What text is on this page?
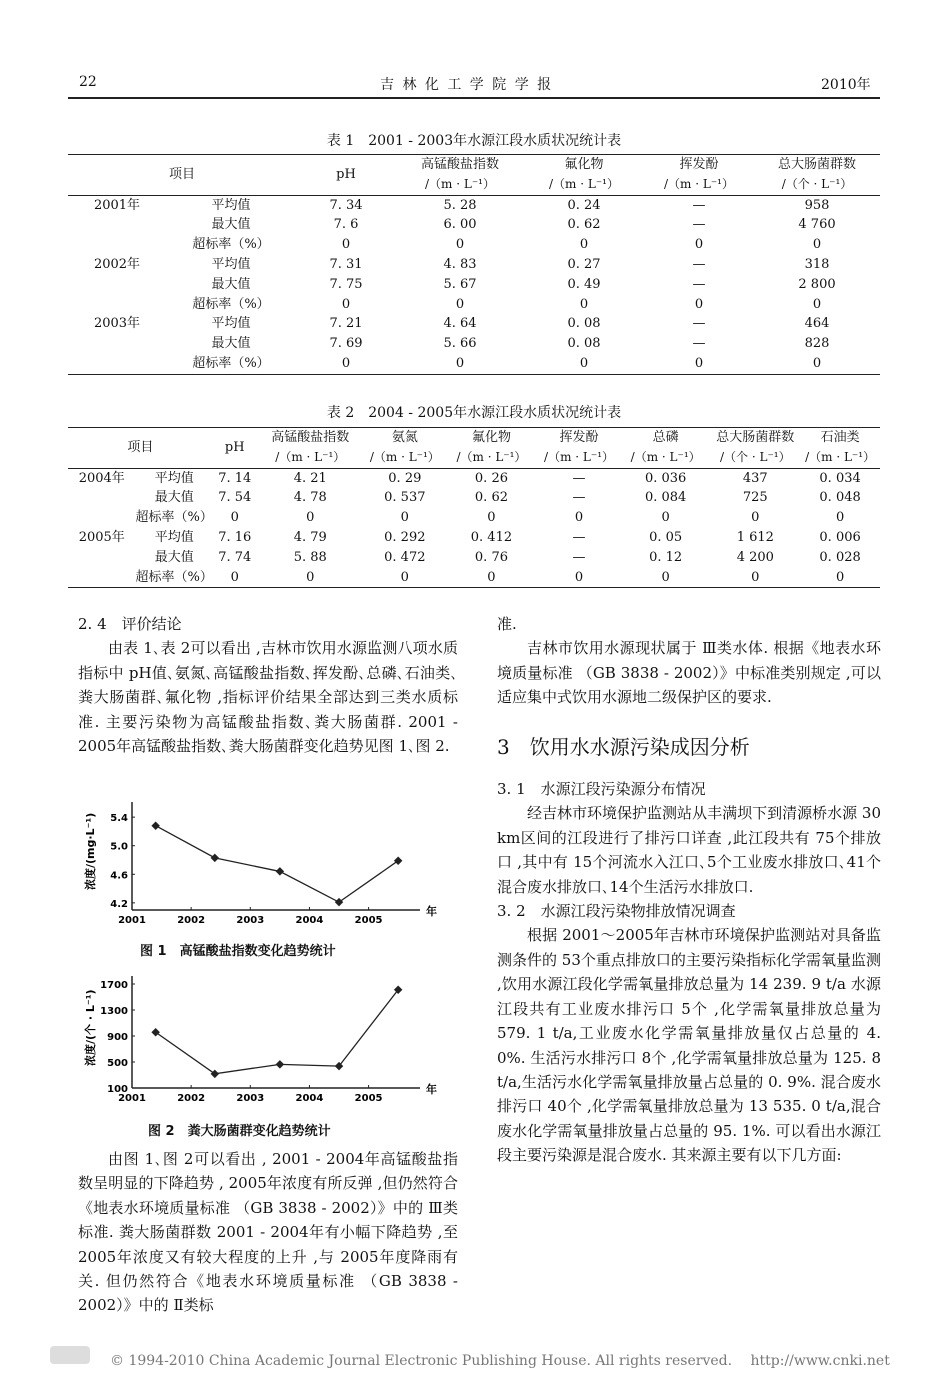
22	吉 林 化 工 学 院 学 报	2010年
表 1　2001 - 2003年水源江段水质状况统计表
项目		pH	高锰酸盐指数	氟化物	挥发酚	总大肠菌群数
			/（m · L⁻¹）	/（m · L⁻¹）	/（m · L⁻¹）	/（个 · L⁻¹）
2001年	平均值	7. 34	5. 28	0. 24	—	958
	最大值	7. 6	6. 00	0. 62	—	4 760
	超标率（%）	0	0	0	0	0
2002年	平均值	7. 31	4. 83	0. 27	—	318
	最大值	7. 75	5. 67	0. 49	—	2 800
	超标率（%）	0	0	0	0	0
2003年	平均值	7. 21	4. 64	0. 08	—	464
	最大值	7. 69	5. 66	0. 08	—	828
	超标率（%）	0	0	0	0	0
表 2　2004 - 2005年水源江段水质状况统计表
项目		pH	高锰酸盐指数	氨氮	氟化物	挥发酚	总磷	总大肠菌群数	石油类
			/（m · L⁻¹）	/（m · L⁻¹）	/（m · L⁻¹）	/（m · L⁻¹）	/（m · L⁻¹）	/（个 · L⁻¹）	/（m · L⁻¹）
2004年	平均值	7. 14	4. 21	0. 29	0. 26	—	0. 036	437	0. 034
	最大值	7. 54	4. 78	0. 537	0. 62	—	0. 084	725	0. 048
	超标率（%）	0	0	0	0	0	0	0	0
2005年	平均值	7. 16	4. 79	0. 292	0. 412	—	0. 05	1 612	0. 006
	最大值	7. 74	5. 88	0. 472	0. 76	—	0. 12	4 200	0. 028
	超标率（%）	0	0	0	0	0	0	0	0

2. 4　评价结论

由表 1､表 2可以看出 ,吉林市饮用水源监测八项水质指标中 pH值､氨氮､高锰酸盐指数､挥发酚､总磷､石油类､粪大肠菌群､氟化物 ,指标评价结果全部达到三类水质标准. 主要污染物为高锰酸盐指数､粪大肠菌群. 2001 - 2005年高锰酸盐指数､粪大肠菌群变化趋势见图 1､图 2.

浓度/(mg·L⁻¹)
年
2001	2002	2003	2004	2005
5.4
5.0
4.6
4.2
图 1　高锰酸盐指数变化趋势统计
浓度/(个 · L⁻¹)
年
2001	2002	2003	2004	2005
1700
1300
900
500
100
图 2　粪大肠菌群变化趋势统计

由图 1､图 2可以看出 , 2001 - 2004年高锰酸盐指数呈明显的下降趋势 , 2005年浓度有所反弹 ,但仍然符合《地表水环境质量标准 （GB 3838 - 2002）》中的 Ⅲ类标准. 粪大肠菌群数 2001 - 2004年有小幅下降趋势 ,至 2005年浓度又有较大程度的上升 ,与 2005年度降雨有关. 但仍然符合《地表水环境质量标准 （GB 3838 - 2002）》中的 Ⅱ类标

准.

吉林市饮用水源现状属于 Ⅲ类水体. 根据《地表水环境质量标准 （GB 3838 - 2002）》中标准类别规定 ,可以适应集中式饮用水源地二级保护区的要求.

3　饮用水水源污染成因分析

3. 1　水源江段污染源分布情况

经吉林市环境保护监测站从丰满坝下到清源桥水源 30 km区间的江段进行了排污口详查 ,此江段共有 75个排放口 ,其中有 15个河流水入江口､5个工业废水排放口､41个混合废水排放口､14个生活污水排放口.

3. 2　水源江段污染物排放情况调查

根据 2001～2005年吉林市环境保护监测站对具备监测条件的 53个重点排放口的主要污染指标化学需氧量监测 ,饮用水源江段化学需氧量排放总量为 14 239. 9 t/a 水源江段共有工业废水排污口 5个 ,化学需氧量排放总量为 579. 1 t/a,工业废水化学需氧量排放量仅占总量的 4. 0%. 生活污水排污口 8个 ,化学需氧量排放总量为 125. 8 t/a,生活污水化学需氧量排放量占总量的 0. 9%. 混合废水排污口 40个 ,化学需氧量排放总量为 13 535. 0 t/a,混合废水化学需氧量排放量占总量的 95. 1%. 可以看出水源江段主要污染源是混合废水. 其来源主要有以下几方面:

© 1994-2010 China Academic Journal Electronic Publishing House. All rights reserved.　 http://www.cnki.net
